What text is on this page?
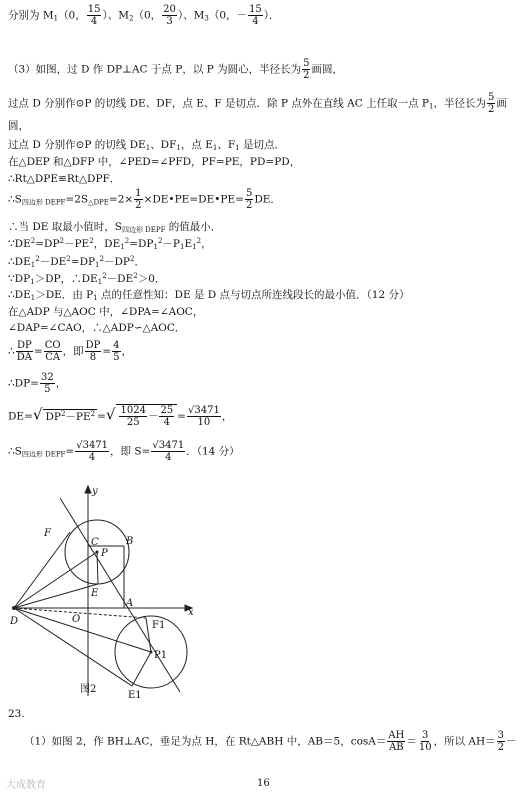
分别为 $M_1(0$， $\frac{15}{4}$ ）、$M_2(0$， $\frac{20}{3}$ ）、$M_3(0$，－ $\frac{15}{4}$ ）．
（3）如图，过 D 作 DP⊥AC 于点 P，以 P 为圆心，半径长为 $\frac{5}{2}$ 画圆，
过点 D 分别作⊙P 的切线 DE、DF，点 E、F 是切点．除 P 点外在直线 AC 上任取一点 $P_1$，半径长为 $\frac{5}{2}$ 画
圆，
过点 D 分别作⊙P 的切线 $DE_1$、$DF_1$，点 $E_1$、$F_1$ 是切点．
在△DEP 和△DFP 中，∠PED=∠PFD，PF=PE，PD=PD，
∴Rt△DPE≌Rt△DPF．
$\therefore S_{四边形 DEPF}=2S_{\triangle DPE}=2\times \frac{1}{2}$ ×DE•PE=DE•PE= $\frac{5}{2}$ DE．
∴当 DE 取最小值时，$S_{四边形 DEPF}$ 的值最小．
$\because DE^2=DP^2-PE^2$，$DE_1^2=DP_1^2-P_1E_1^2$，
$\therefore DE_1^2-DE^2=DP_1^2-DP^2$．
$\because DP_1>DP$，$\therefore DE_1^2-DE^2>0$．
$\therefore DE_1>DE$．由 $P_1$ 点的任意性知：DE 是 D 点与切点所连线段长的最小值．（12 分）
在△ADP 与△AOC 中，∠DPA=∠AOC，
∠DAP=∠CAO，∴△ADP∽△AOC．
∴ $\frac{DP}{DA} = \frac{CO}{CA}$ ，即 $\frac{DP}{8} = \frac{4}{5}$ ，
∴DP= $\frac{32}{5}$ ，
DE=√ $DP^2-PE^2$ =√ $\frac{1024}{25} - \frac{25}{4} = \frac{√3471}{10}$ ，
$\therefore S_{四边形 DEPF}= \frac{√3471}{4}$ ，即 $S= \frac{√3471}{4}$ ．（14 分）
y
x
F
C	B
P
E
A
D	O
F1
P1
E1
图2
23.
（1）如图 2，作 BH⊥AC，垂足为点 H，在 Rt△ABH 中，AB＝5，$\cos A= \frac{AH}{AB} = \frac{3}{10}$ ，所以 $AH= \frac{3}{2}$ －
大成教育	16
